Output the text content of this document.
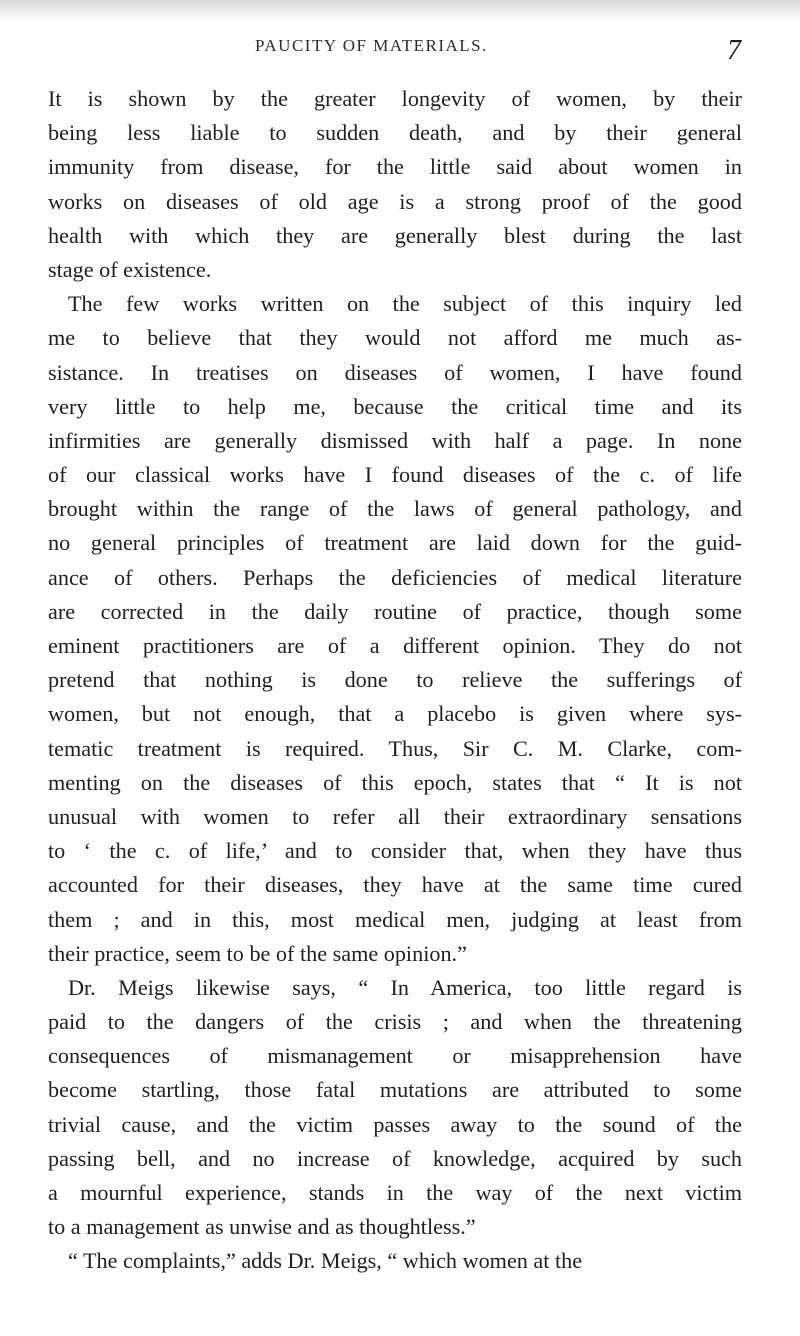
PAUCITY OF MATERIALS.	7
It is shown by the greater longevity of women, by their
being less liable to sudden death, and by their general
immunity from disease, for the little said about women in
works on diseases of old age is a strong proof of the good
health with which they are generally blest during the last
stage of existence.
The few works written on the subject of this inquiry led
me to believe that they would not afford me much as-
sistance. In treatises on diseases of women, I have found
very little to help me, because the critical time and its
infirmities are generally dismissed with half a page. In none
of our classical works have I found diseases of the c. of life
brought within the range of the laws of general pathology, and
no general principles of treatment are laid down for the guid-
ance of others. Perhaps the deficiencies of medical literature
are corrected in the daily routine of practice, though some
eminent practitioners are of a different opinion. They do not
pretend that nothing is done to relieve the sufferings of
women, but not enough, that a placebo is given where sys-
tematic treatment is required. Thus, Sir C. M. Clarke, com-
menting on the diseases of this epoch, states that “ It is not
unusual with women to refer all their extraordinary sensations
to ‘ the c. of life,’ and to consider that, when they have thus
accounted for their diseases, they have at the same time cured
them ; and in this, most medical men, judging at least from
their practice, seem to be of the same opinion.”
Dr. Meigs likewise says, “ In America, too little regard is
paid to the dangers of the crisis ; and when the threatening
consequences of mismanagement or misapprehension have
become startling, those fatal mutations are attributed to some
trivial cause, and the victim passes away to the sound of the
passing bell, and no increase of knowledge, acquired by such
a mournful experience, stands in the way of the next victim
to a management as unwise and as thoughtless.”
“ The complaints,” adds Dr. Meigs, “ which women at the
